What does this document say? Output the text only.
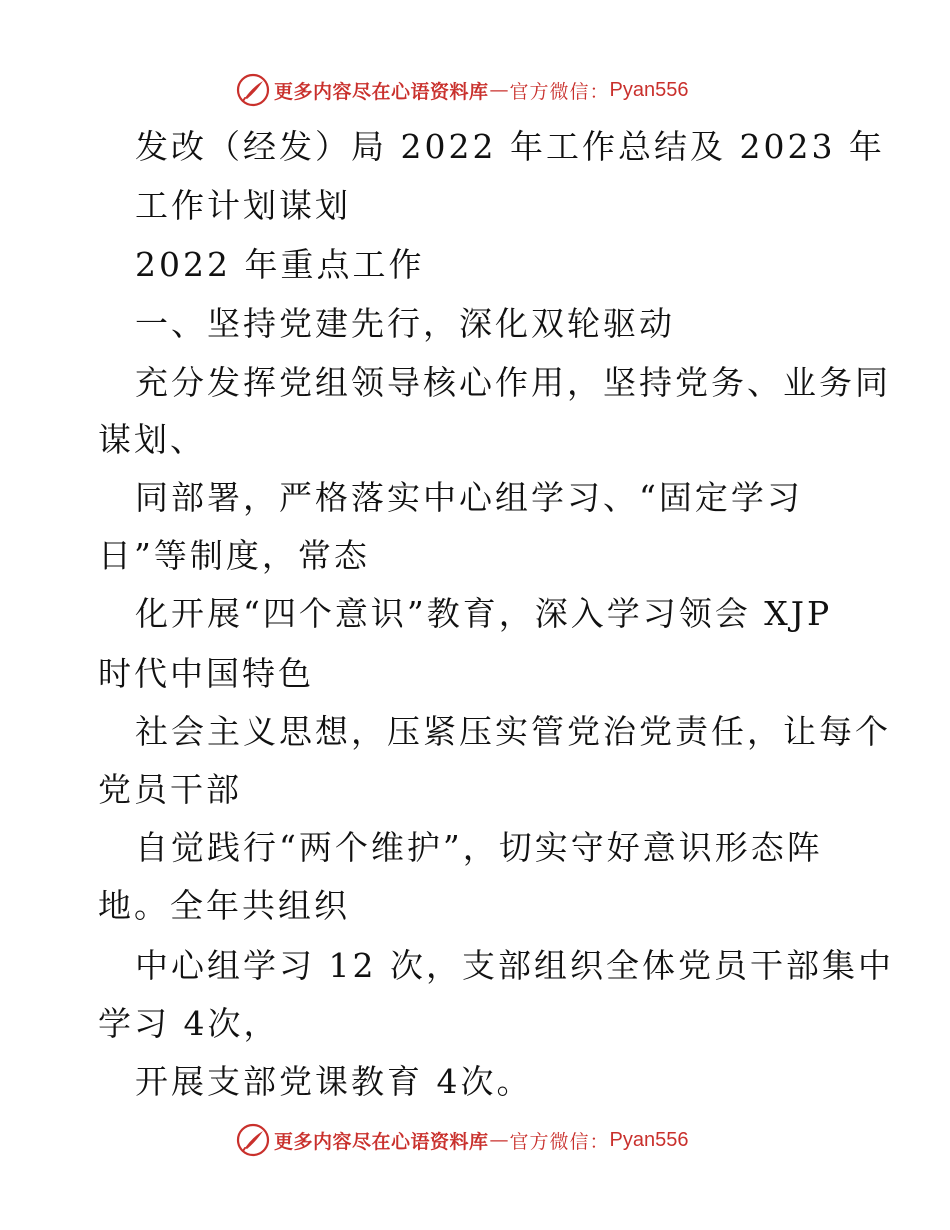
更多内容尽在心语资料库 — 官方微信： Pyan556
发改（经发）局 2022 年工作总结及 2023 年
工作计划谋划
2022 年重点工作
一、坚持党建先行，深化双轮驱动
充分发挥党组领导核心作用，坚持党务、业务同
谋划、
同部署，严格落实中心组学习、“固定学习
日”等制度，常态
化开展“四个意识”教育，深入学习领会 XJP
时代中国特色
社会主义思想，压紧压实管党治党责任，让每个
党员干部
自觉践行“两个维护”，切实守好意识形态阵
地。全年共组织
中心组学习 12 次，支部组织全体党员干部集中
学习 4次，
开展支部党课教育 4次。
更多内容尽在心语资料库 — 官方微信： Pyan556
